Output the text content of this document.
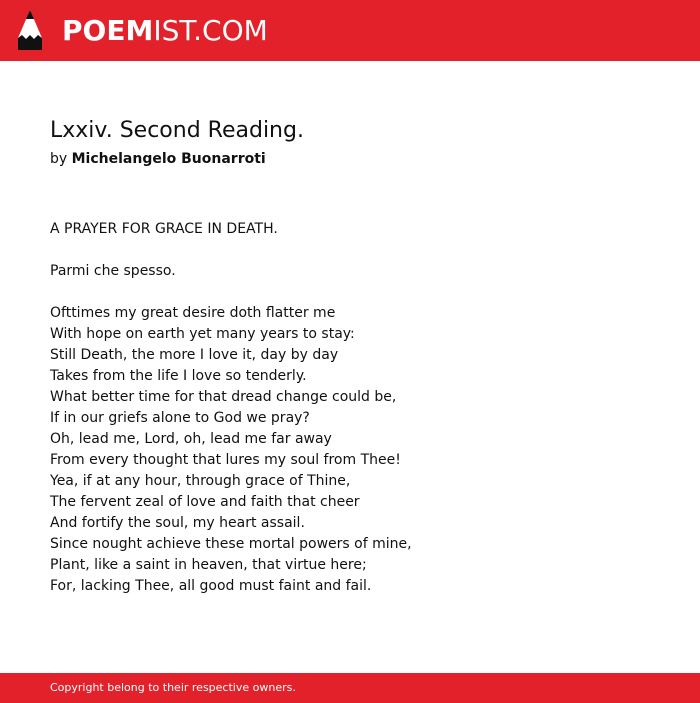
POEMIST.COM
Lxxiv. Second Reading.
by Michelangelo Buonarroti
A PRAYER FOR GRACE IN DEATH.
Parmi che spesso.
Ofttimes my great desire doth flatter me
With hope on earth yet many years to stay:
Still Death, the more I love it, day by day
Takes from the life I love so tenderly.
What better time for that dread change could be,
If in our griefs alone to God we pray?
Oh, lead me, Lord, oh, lead me far away
From every thought that lures my soul from Thee!
Yea, if at any hour, through grace of Thine,
The fervent zeal of love and faith that cheer
And fortify the soul, my heart assail.
Since nought achieve these mortal powers of mine,
Plant, like a saint in heaven, that virtue here;
For, lacking Thee, all good must faint and fail.
Copyright belong to their respective owners.
